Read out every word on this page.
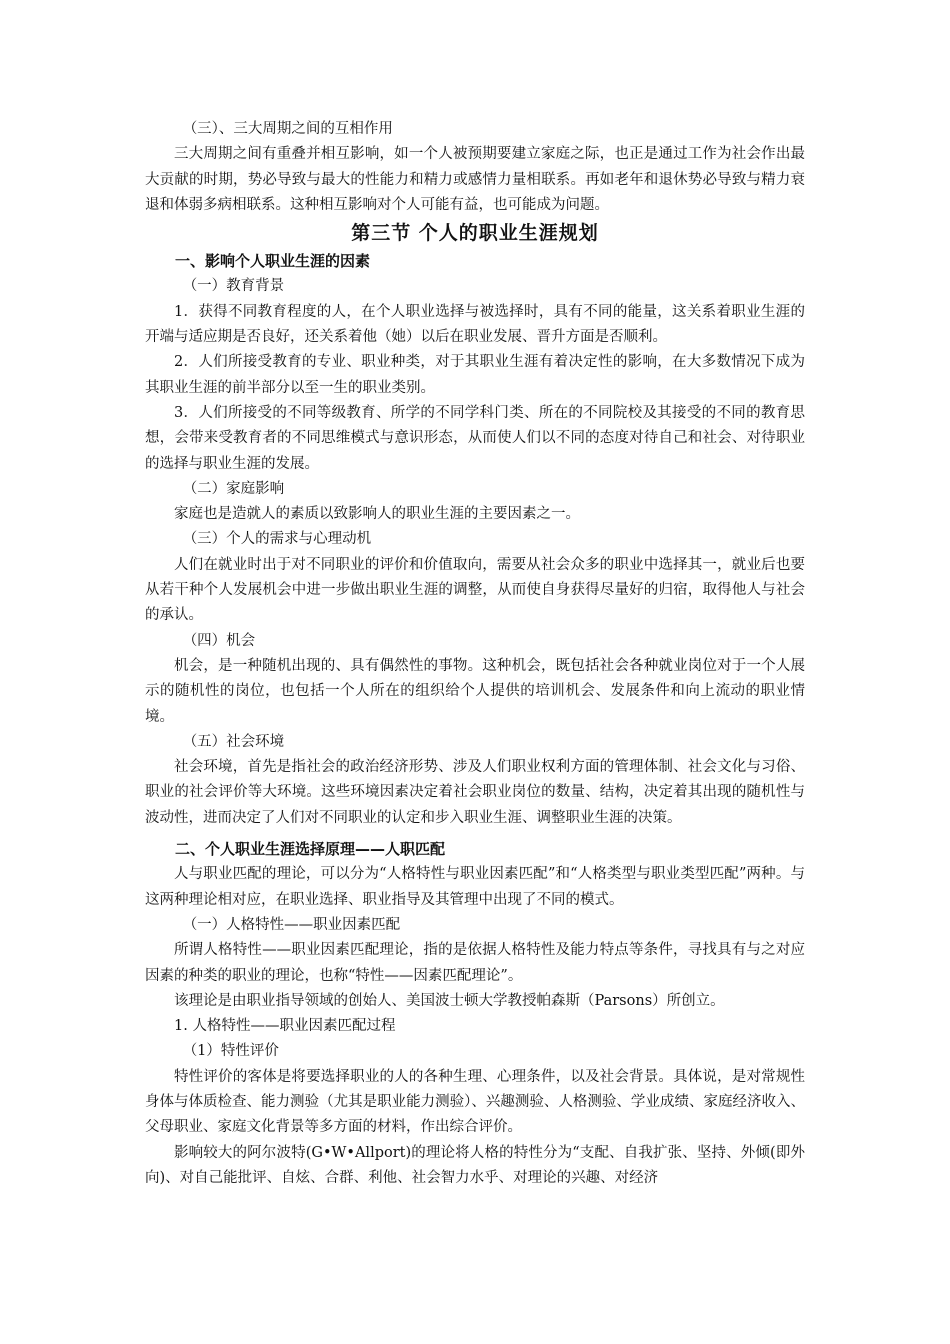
（三）、三大周期之间的互相作用

三大周期之间有重叠并相互影响，如一个人被预期要建立家庭之际，也正是通过工作为社会作出最大贡献的时期，势必导致与最大的性能力和精力或感情力量相联系。再如老年和退休势必导致与精力衰退和体弱多病相联系。这种相互影响对个人可能有益，也可能成为问题。

第三节 个人的职业生涯规划
一、影响个人职业生涯的因素

（一）教育背景

1．获得不同教育程度的人，在个人职业选择与被选择时，具有不同的能量，这关系着职业生涯的开端与适应期是否良好，还关系着他（她）以后在职业发展、晋升方面是否顺利。

2．人们所接受教育的专业、职业种类，对于其职业生涯有着决定性的影响，在大多数情况下成为其职业生涯的前半部分以至一生的职业类别。

3．人们所接受的不同等级教育、所学的不同学科门类、所在的不同院校及其接受的不同的教育思想，会带来受教育者的不同思维模式与意识形态，从而使人们以不同的态度对待自己和社会、对待职业的选择与职业生涯的发展。

（二）家庭影响

家庭也是造就人的素质以致影响人的职业生涯的主要因素之一。

（三）个人的需求与心理动机

人们在就业时出于对不同职业的评价和价值取向，需要从社会众多的职业中选择其一，就业后也要从若干种个人发展机会中进一步做出职业生涯的调整，从而使自身获得尽量好的归宿，取得他人与社会的承认。

（四）机会

机会，是一种随机出现的、具有偶然性的事物。这种机会，既包括社会各种就业岗位对于一个人展示的随机性的岗位，也包括一个人所在的组织给个人提供的培训机会、发展条件和向上流动的职业情境。

（五）社会环境

社会环境，首先是指社会的政治经济形势、涉及人们职业权利方面的管理体制、社会文化与习俗、职业的社会评价等大环境。这些环境因素决定着社会职业岗位的数量、结构，决定着其出现的随机性与波动性，进而决定了人们对不同职业的认定和步入职业生涯、调整职业生涯的决策。

二、个人职业生涯选择原理——人职匹配

人与职业匹配的理论，可以分为“人格特性与职业因素匹配”和“人格类型与职业类型匹配”两种。与这两种理论相对应，在职业选择、职业指导及其管理中出现了不同的模式。

（一）人格特性——职业因素匹配

所谓人格特性——职业因素匹配理论，指的是依据人格特性及能力特点等条件，寻找具有与之对应因素的种类的职业的理论，也称“特性——因素匹配理论”。

该理论是由职业指导领域的创始人、美国波士顿大学教授帕森斯（Parsons）所创立。

1. 人格特性——职业因素匹配过程

（1）特性评价

特性评价的客体是将要选择职业的人的各种生理、心理条件，以及社会背景。具体说，是对常规性身体与体质检查、能力测验（尤其是职业能力测验）、兴趣测验、人格测验、学业成绩、家庭经济收入、父母职业、家庭文化背景等多方面的材料，作出综合评价。

影响较大的阿尔波特(G•W•Allport)的理论将人格的特性分为“支配、自我扩张、坚持、外倾(即外向)、对自己能批评、自炫、合群、利他、社会智力水乎、对理论的兴趣、对经济
